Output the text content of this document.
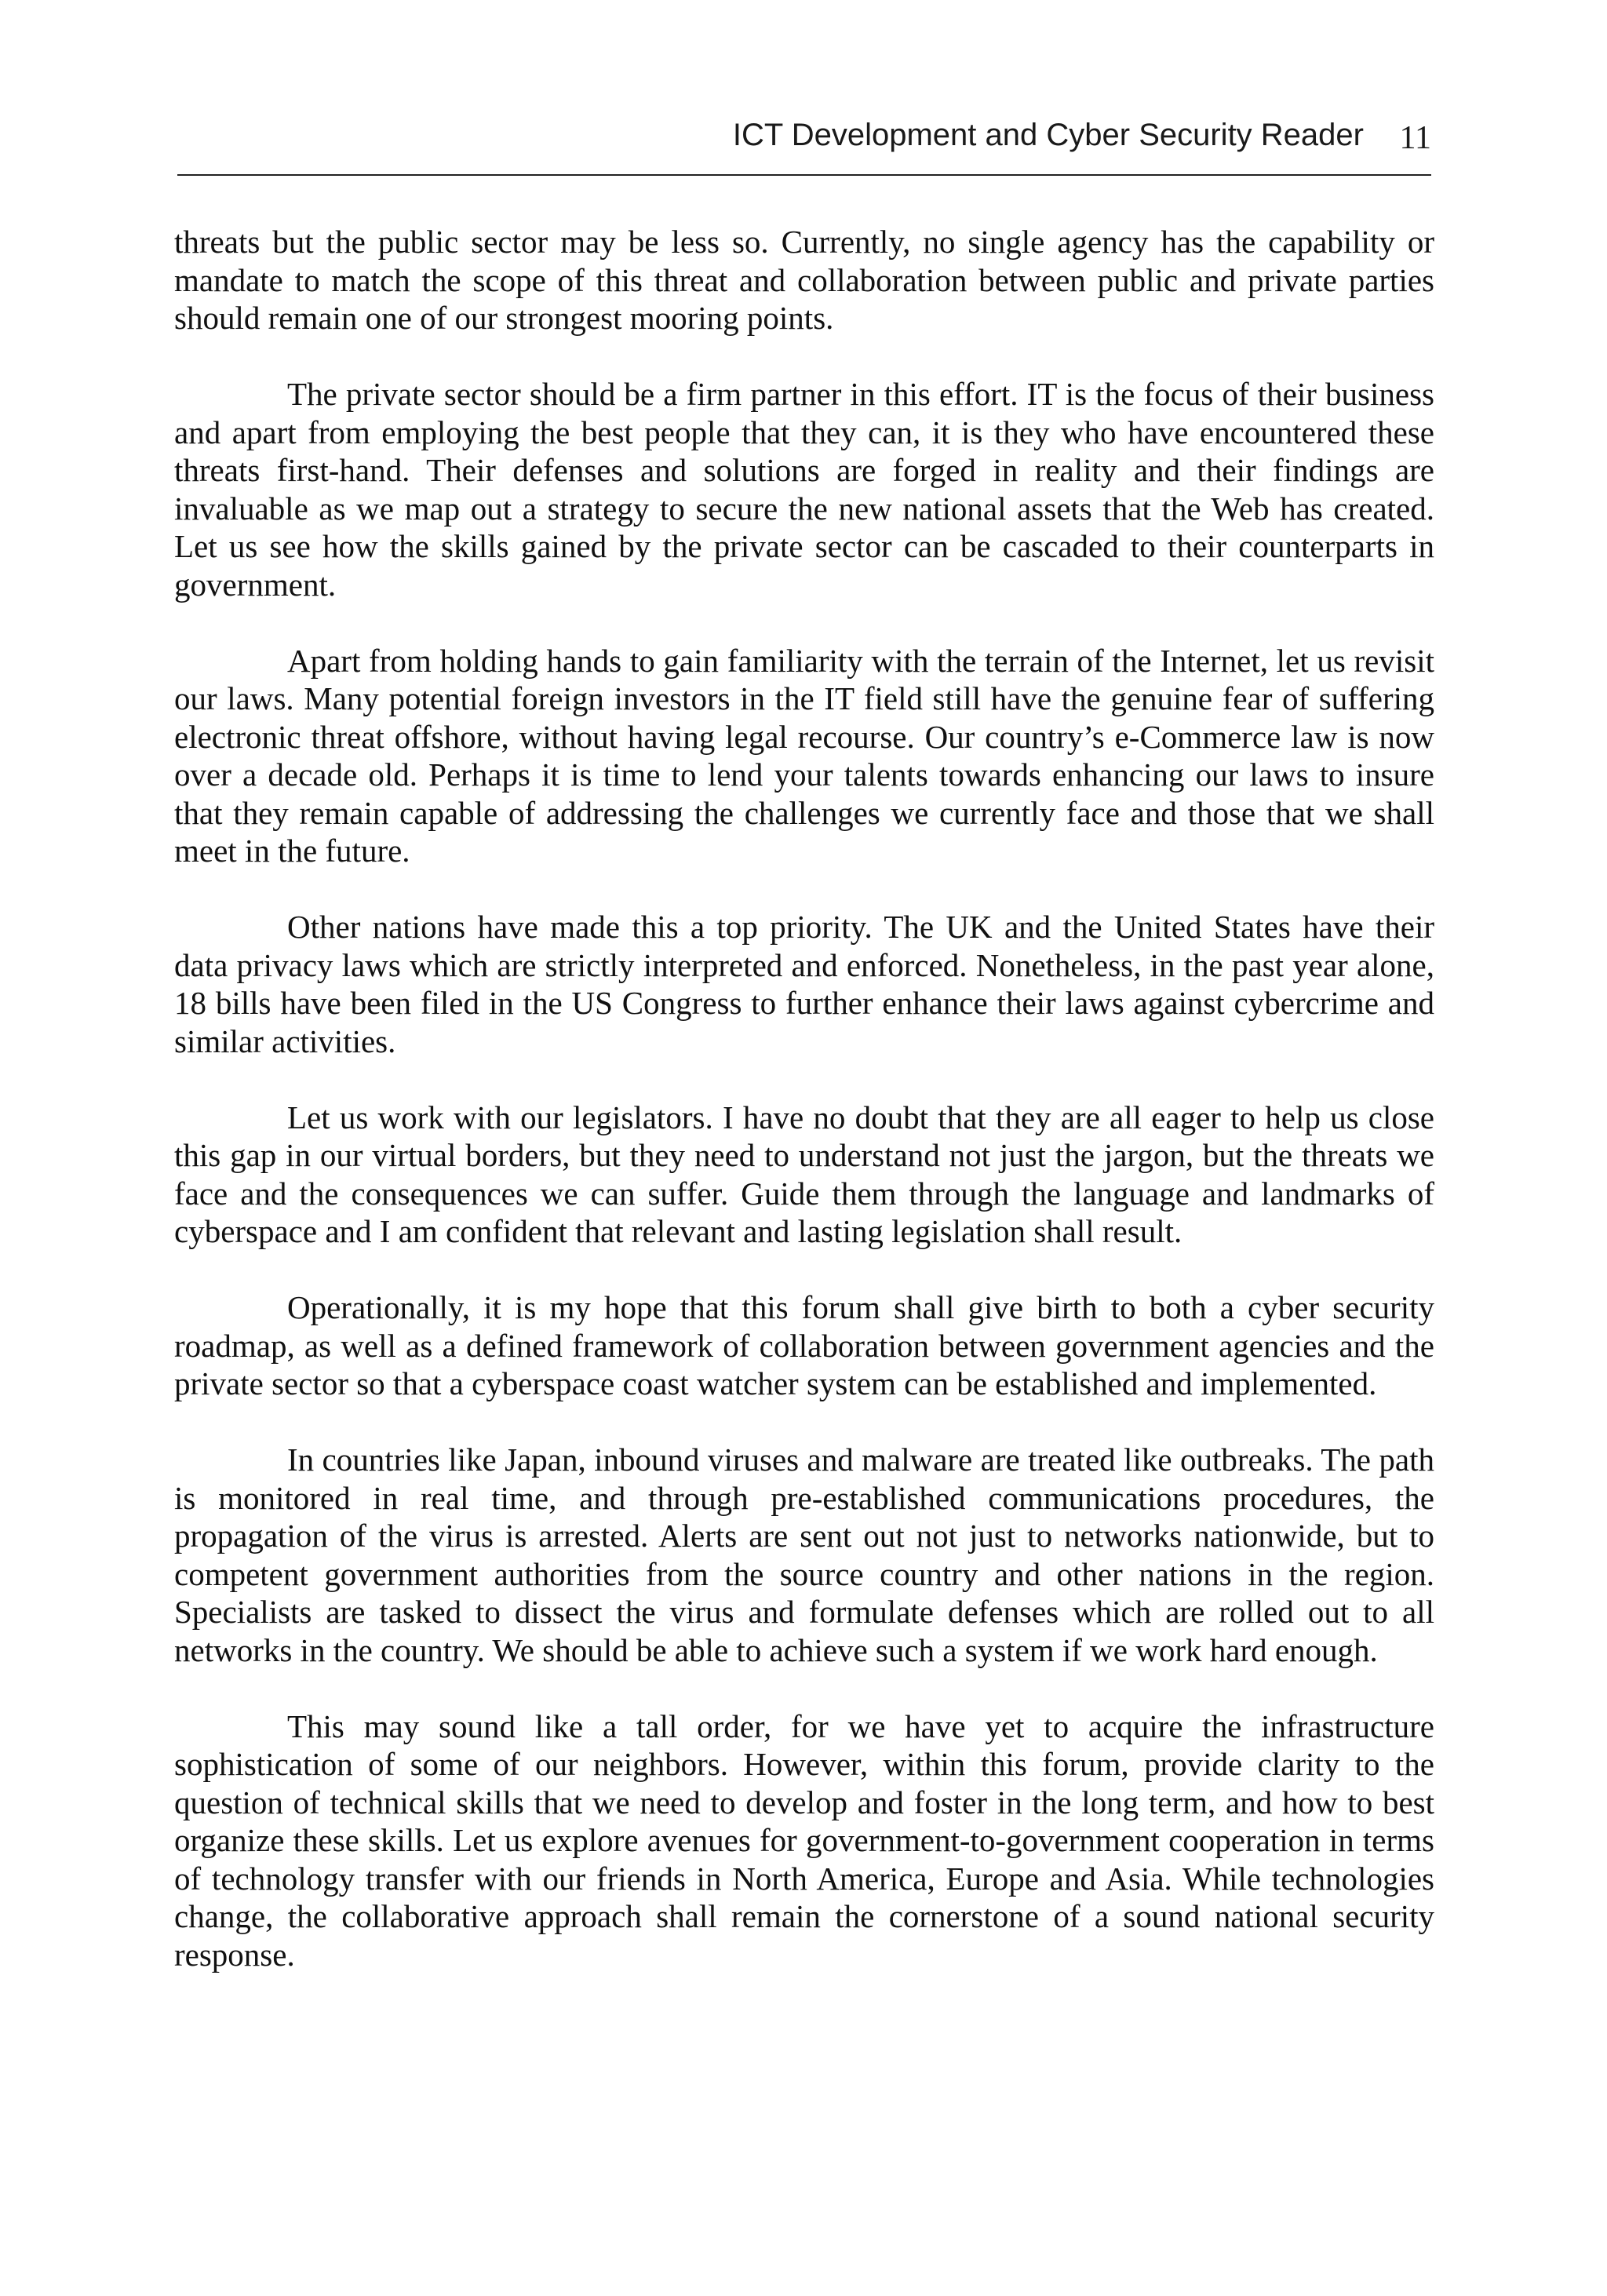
ICT Development and Cyber Security Reader 11

threats but the public sector may be less so. Currently, no single agency has the capability or mandate to match the scope of this threat and collaboration between public and private parties should remain one of our strongest mooring points.

The private sector should be a firm partner in this effort. IT is the focus of their business and apart from employing the best people that they can, it is they who have encountered these threats first-hand. Their defenses and solutions are forged in reality and their findings are invaluable as we map out a strategy to secure the new national assets that the Web has created. Let us see how the skills gained by the private sector can be cascaded to their counterparts in government.

Apart from holding hands to gain familiarity with the terrain of the Internet, let us revisit our laws. Many potential foreign investors in the IT field still have the genuine fear of suffering electronic threat offshore, without having legal recourse. Our country’s e-Commerce law is now over a decade old. Perhaps it is time to lend your talents towards enhancing our laws to insure that they remain capable of addressing the challenges we currently face and those that we shall meet in the future.

Other nations have made this a top priority. The UK and the United States have their data privacy laws which are strictly interpreted and enforced. Nonetheless, in the past year alone, 18 bills have been filed in the US Congress to further enhance their laws against cybercrime and similar activities.

Let us work with our legislators. I have no doubt that they are all eager to help us close this gap in our virtual borders, but they need to understand not just the jargon, but the threats we face and the consequences we can suffer. Guide them through the language and landmarks of cyberspace and I am confident that relevant and lasting legislation shall result.

Operationally, it is my hope that this forum shall give birth to both a cyber security roadmap, as well as a defined framework of collaboration between government agencies and the private sector so that a cyberspace coast watcher system can be established and implemented.

In countries like Japan, inbound viruses and malware are treated like outbreaks. The path is monitored in real time, and through pre-established communications procedures, the propagation of the virus is arrested. Alerts are sent out not just to networks nationwide, but to competent government authorities from the source country and other nations in the region. Specialists are tasked to dissect the virus and formulate defenses which are rolled out to all networks in the country. We should be able to achieve such a system if we work hard enough.

This may sound like a tall order, for we have yet to acquire the infrastructure sophistication of some of our neighbors. However, within this forum, provide clarity to the question of technical skills that we need to develop and foster in the long term, and how to best organize these skills. Let us explore avenues for government-to-government cooperation in terms of technology transfer with our friends in North America, Europe and Asia. While technologies change, the collaborative approach shall remain the cornerstone of a sound national security response.
